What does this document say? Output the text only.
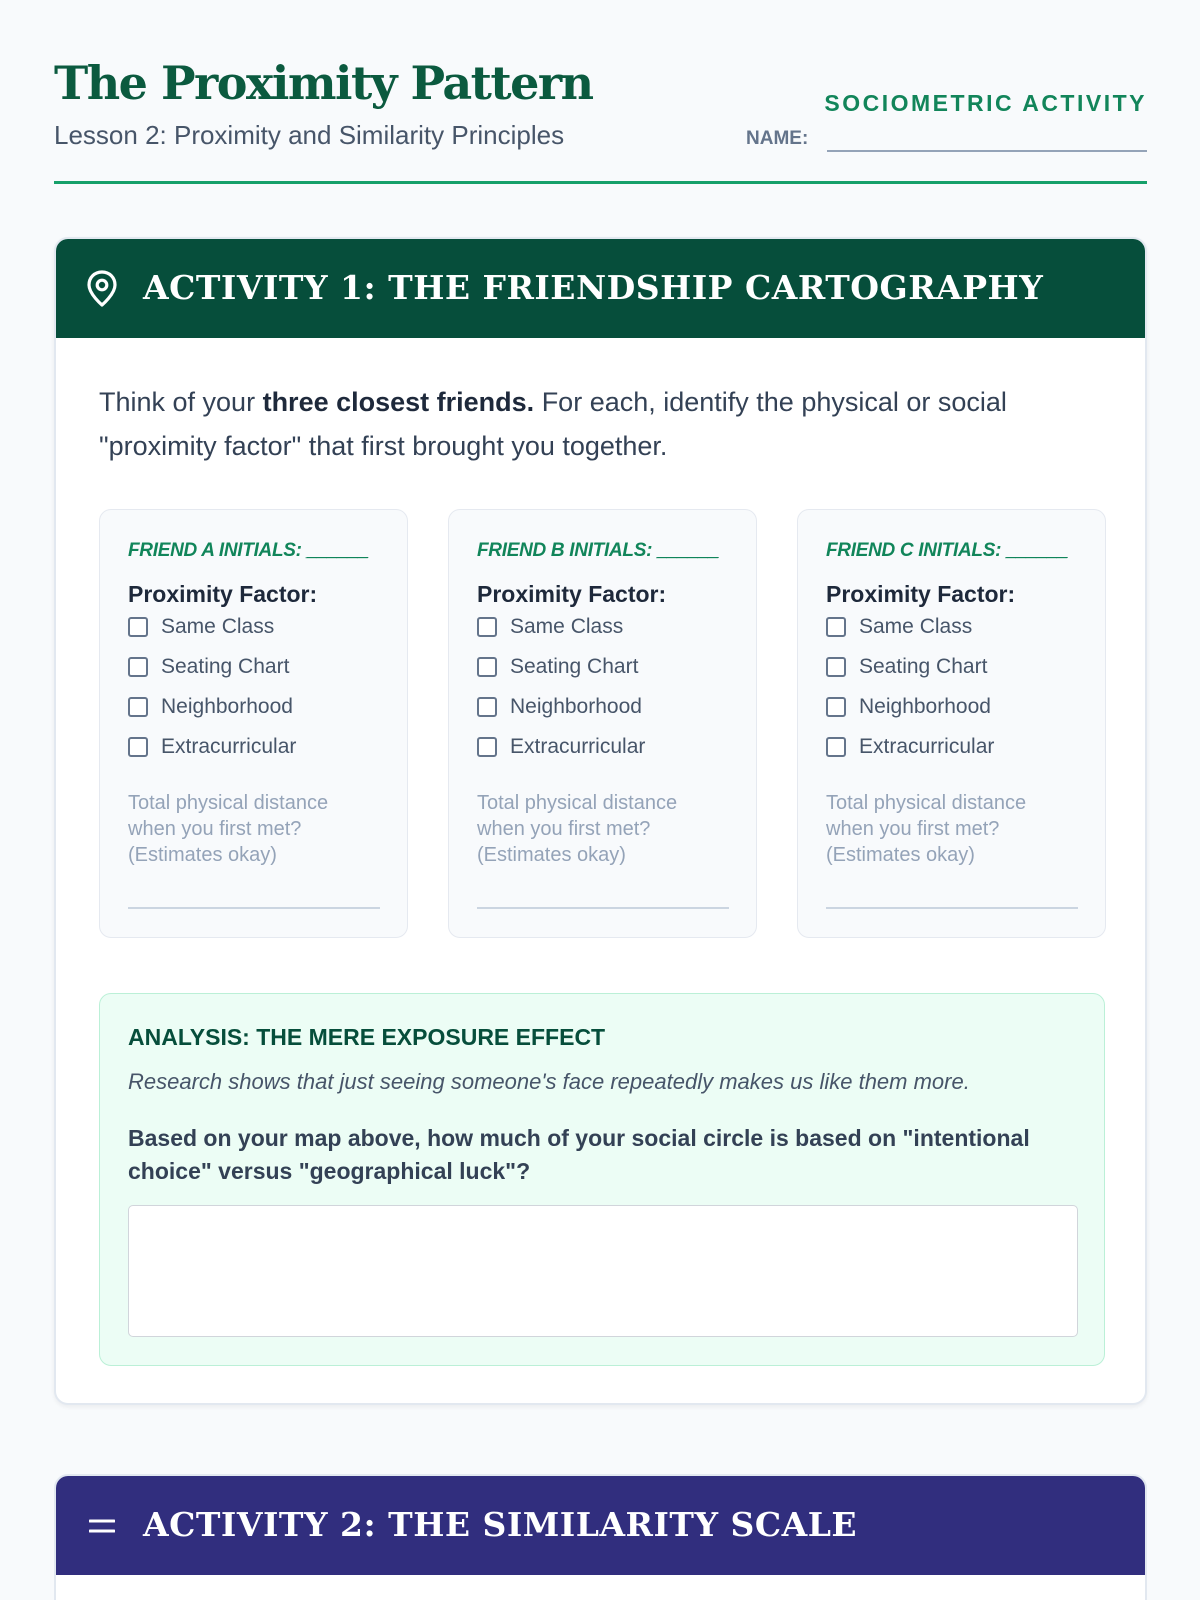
The Proximity Pattern
Lesson 2: Proximity and Similarity Principles
SOCIOMETRIC ACTIVITY
NAME:
ACTIVITY 1: THE FRIENDSHIP CARTOGRAPHY
Think of your three closest friends. For each, identify the physical or social "proximity factor" that first brought you together.
FRIEND A INITIALS: ______
Proximity Factor:
Same Class
Seating Chart
Neighborhood
Extracurricular
Total physical distance when you first met? (Estimates okay)
FRIEND B INITIALS: ______
Proximity Factor:
Same Class
Seating Chart
Neighborhood
Extracurricular
Total physical distance when you first met? (Estimates okay)
FRIEND C INITIALS: ______
Proximity Factor:
Same Class
Seating Chart
Neighborhood
Extracurricular
Total physical distance when you first met? (Estimates okay)
ANALYSIS: THE MERE EXPOSURE EFFECT
Research shows that just seeing someone's face repeatedly makes us like them more.
Based on your map above, how much of your social circle is based on "intentional choice" versus "geographical luck"?
ACTIVITY 2: THE SIMILARITY SCALE
